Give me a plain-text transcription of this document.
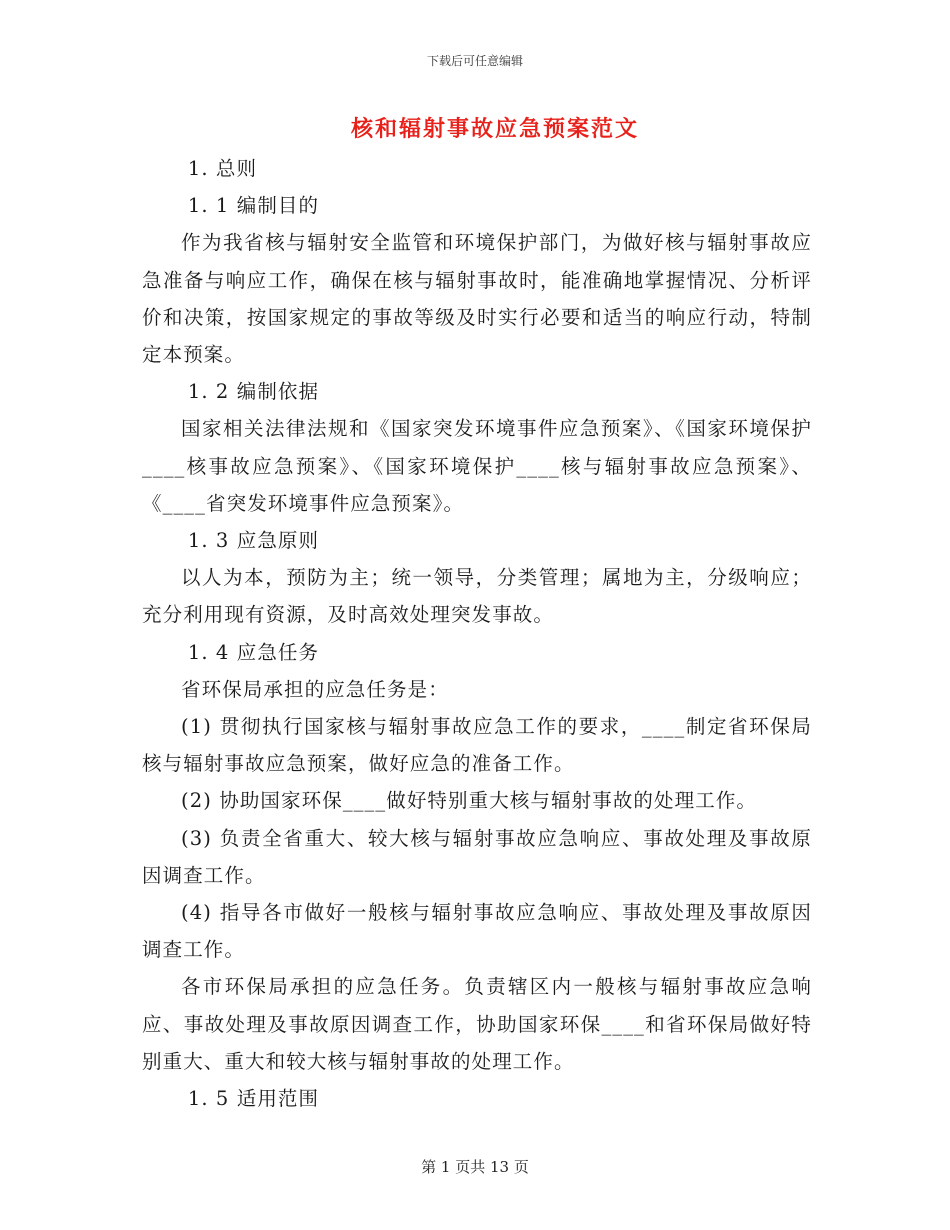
下载后可任意编辑
核和辐射事故应急预案范文

1. 总则

1. 1 编制目的

作为我省核与辐射安全监管和环境保护部门，为做好核与辐射事故应急准备与响应工作，确保在核与辐射事故时，能准确地掌握情况、分析评价和决策，按国家规定的事故等级及时实行必要和适当的响应行动，特制定本预案。

1. 2 编制依据

国家相关法律法规和《国家突发环境事件应急预案》、《国家环境保护____核事故应急预案》、《国家环境保护____核与辐射事故应急预案》、《____省突发环境事件应急预案》。

1. 3 应急原则

以人为本，预防为主；统一领导，分类管理；属地为主，分级响应；充分利用现有资源，及时高效处理突发事故。

1. 4 应急任务

省环保局承担的应急任务是：

(1) 贯彻执行国家核与辐射事故应急工作的要求，____制定省环保局核与辐射事故应急预案，做好应急的准备工作。

(2) 协助国家环保____做好特别重大核与辐射事故的处理工作。

(3) 负责全省重大、较大核与辐射事故应急响应、事故处理及事故原因调查工作。

(4) 指导各市做好一般核与辐射事故应急响应、事故处理及事故原因调查工作。

各市环保局承担的应急任务。负责辖区内一般核与辐射事故应急响应、事故处理及事故原因调查工作，协助国家环保____和省环保局做好特别重大、重大和较大核与辐射事故的处理工作。

1. 5 适用范围

第 1 页共 13 页
